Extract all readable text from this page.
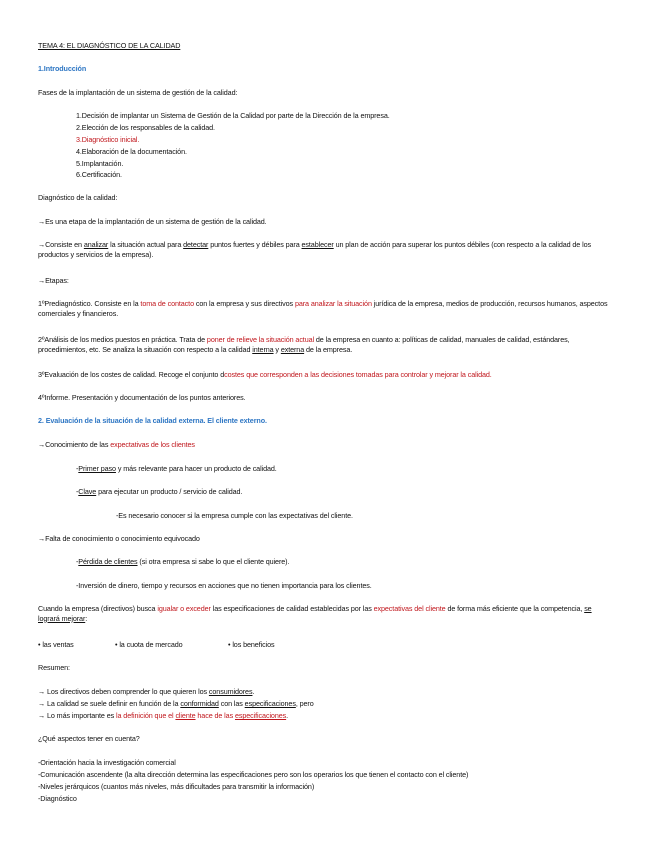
TEMA 4: EL DIAGNÓSTICO DE LA CALIDAD
1.Introducción
Fases de la implantación de un sistema de gestión de la calidad:
1.Decisión de implantar un Sistema de Gestión de la Calidad por parte de la Dirección de la empresa.
2.Elección de los responsables de la calidad.
3.Diagnóstico inicial.
4.Elaboración de la documentación.
5.Implantación.
6.Certificación.
Diagnóstico de la calidad:
→Es una etapa de la implantación de un sistema de gestión de la calidad.
→Consiste en analizar la situación actual para detectar puntos fuertes y débiles para establecer un plan de acción para superar los puntos débiles (con respecto a la calidad de los productos y servicios de la empresa).
→Etapas:
1ºPrediagnóstico. Consiste en la toma de contacto con la empresa y sus directivos para analizar la situación jurídica de la empresa, medios de producción, recursos humanos, aspectos comerciales y financieros.
2ºAnálisis de los medios puestos en práctica. Trata de poner de relieve la situación actual de la empresa en cuanto a: políticas de calidad, manuales de calidad, estándares, procedimientos, etc. Se analiza la situación con respecto a la calidad interna y externa de la empresa.
3ºEvaluación de los costes de calidad. Recoge el conjunto dcostes que corresponden a las decisiones tomadas para controlar y mejorar la calidad.
4ºInforme. Presentación y documentación de los puntos anteriores.
2. Evaluación de la situación de la calidad externa. El cliente externo.
→Conocimiento de las expectativas de los clientes
-Primer paso y más relevante para hacer un producto de calidad.
-Clave para ejecutar un producto / servicio de calidad.
-Es necesario conocer si la empresa cumple con las expectativas del cliente.
→Falta de conocimiento o conocimiento equivocado
-Pérdida de clientes (si otra empresa si sabe lo que el cliente quiere).
-Inversión de dinero, tiempo y recursos en acciones que no tienen importancia para los clientes.
Cuando la empresa (directivos) busca igualar o exceder las especificaciones de calidad establecidas por las expectativas del cliente de forma más eficiente que la competencia, se logrará mejorar:
• las ventas	• la cuota de mercado	• los beneficios
Resumen:
→ Los directivos deben comprender lo que quieren los consumidores.
→ La calidad se suele definir en función de la conformidad con las especificaciones, pero
→ Lo más importante es la definición que el cliente hace de las especificaciones.
¿Qué aspectos tener en cuenta?
-Orientación hacia la investigación comercial
-Comunicación ascendente (la alta dirección determina las especificaciones pero son los operarios los que tienen el contacto con el cliente)
-Niveles jerárquicos (cuantos más niveles, más dificultades para transmitir la información)
-Diagnóstico
